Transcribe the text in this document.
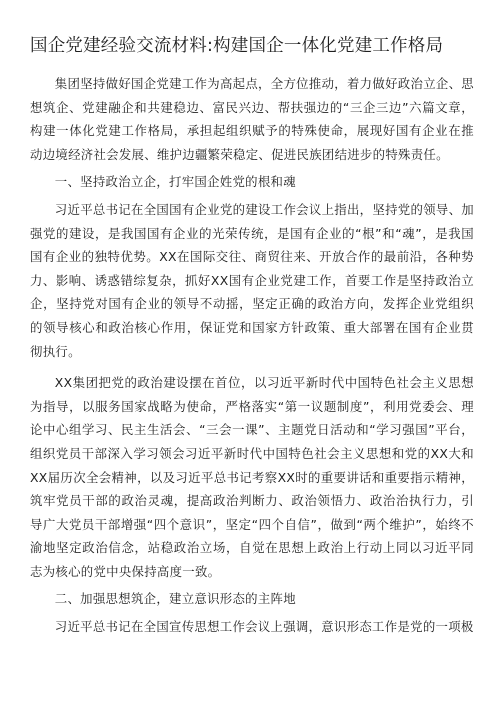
国企党建经验交流材料:构建国企一体化党建工作格局

集团坚持做好国企党建工作为高起点，全方位推动，着力做好政治立企、思想筑企、党建融企和共建稳边、富民兴边、帮扶强边的“三企三边”六篇文章，构建一体化党建工作格局，承担起组织赋予的特殊使命，展现好国有企业在推动边境经济社会发展、维护边疆繁荣稳定、促进民族团结进步的特殊责任。

一、坚持政治立企，打牢国企姓党的根和魂

习近平总书记在全国国有企业党的建设工作会议上指出，坚持党的领导、加强党的建设，是我国国有企业的光荣传统，是国有企业的“根”和“魂”，是我国国有企业的独特优势。XX在国际交往、商贸往来、开放合作的最前沿，各种势力、影响、诱惑错综复杂，抓好XX国有企业党建工作，首要工作是坚持政治立企，坚持党对国有企业的领导不动摇，坚定正确的政治方向，发挥企业党组织的领导核心和政治核心作用，保证党和国家方针政策、重大部署在国有企业贯彻执行。

XX集团把党的政治建设摆在首位，以习近平新时代中国特色社会主义思想为指导，以服务国家战略为使命，严格落实“第一议题制度”，利用党委会、理论中心组学习、民主生活会、“三会一课”、主题党日活动和“学习强国”平台，组织党员干部深入学习领会习近平新时代中国特色社会主义思想和党的XX大和XX届历次全会精神，以及习近平总书记考察XX时的重要讲话和重要指示精神，筑牢党员干部的政治灵魂，提高政治判断力、政治领悟力、政治治执行力，引导广大党员干部增强“四个意识”，坚定“四个自信”，做到“两个维护”，始终不渝地坚定政治信念，站稳政治立场，自觉在思想上政治上行动上同以习近平同志为核心的党中央保持高度一致。

二、加强思想筑企，建立意识形态的主阵地

习近平总书记在全国宣传思想工作会议上强调，意识形态工作是党的一项极
